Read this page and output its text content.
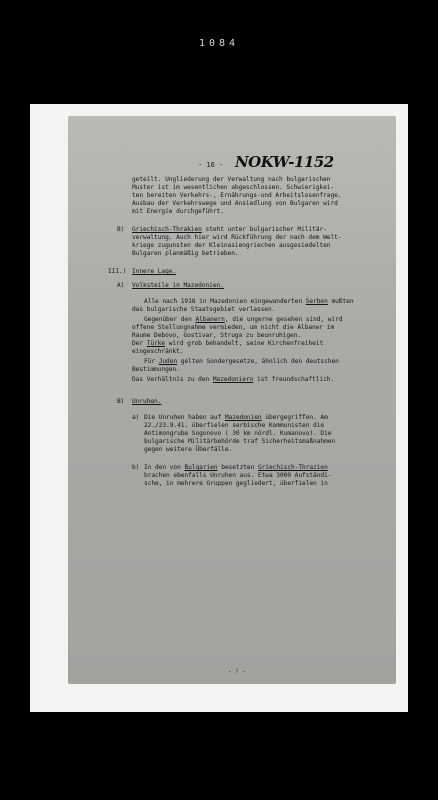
1084
- 16 - NOKW-1152
geteilt. Ungliederung der Verwaltung nach bulgarischen
Muster ist im wesentlichen abgeschlossen. Schwierigkei-
ten bereiten Verkehrs-, Ernährungs-und Arbeitslosenfrage.
Ausbau der Verkehrswege und Ansiedlung von Bulgaren wird
mit Energie durchgeführt.
B) Griechisch-Thrakien steht unter bulgarischer Militär-
verwaltung. Auch hier wird Rückführung der nach dem Welt-
kriege zugunsten der Kleinasiengriechen ausgesiedelten
Bulgaren planmäßig betrieben.
III.) Innere Lage.
A) Volksteile in Mazedonien.
Alle nach 1918 in Mazedonien eingewanderten Serben mußten
das bulgarische Staatsgebiet verlassen.
Gegenüber den Albanern, die ungerne gesehen sind, wird
offene Stellungnahme vermieden, um nicht die Albaner im
Raume Debovo, Gostivar, Struga zu beunruhigen.
Der Türke wird grob behandelt, seine Kirchenfreiheit
eingeschränkt.
Für Juden gelten Sondergesetze, ähnlich den deutschen
Bestimmungen.
Das Verhältnis zu den Mazedoniern ist freundschaftlich.
B) Unruhen.
a) Die Unruhen haben auf Mazedonien übergegriffen. Am
22./23.9.41. überfielen serbische Kommunisten die
Antimongrube Sogonovo ( 30 km nördl. Kumanovo). Die
bulgarische Militärbehörde traf Sicherheitsmaßnahmen
gegen weitere Überfälle.
b) In den von Bulgarien besetzten Griechisch-Thrazien
brachen ebenfalls Unruhen aus. Etwa 3000 Aufständi-
sche, in mehrere Gruppen gegliedert, überfielen in
- ! -
